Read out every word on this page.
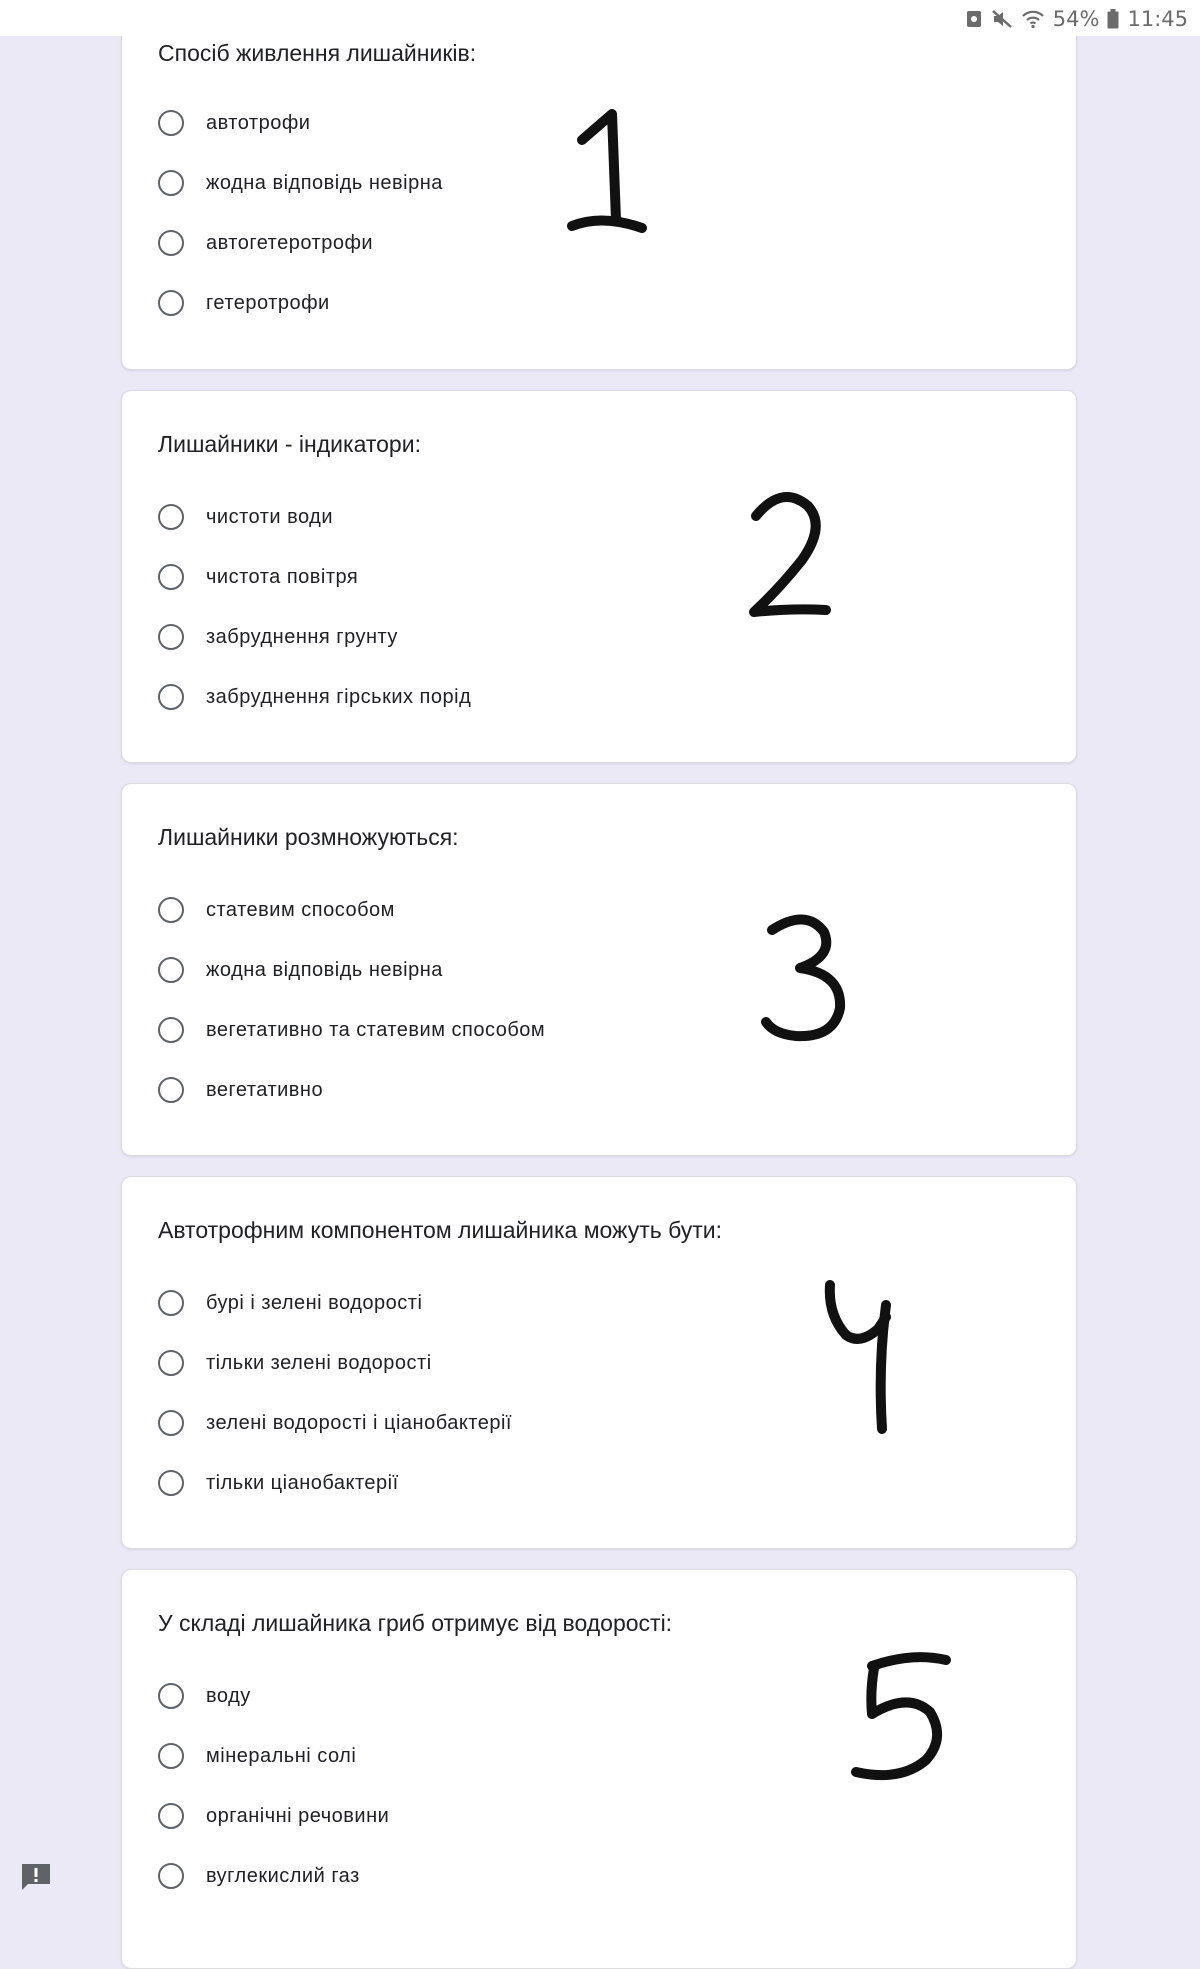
54% 11:45
Спосіб живлення лишайників:
автотрофи
жодна відповідь невірна
автогетеротрофи
гетеротрофи
Лишайники - індикатори:
чистоти води
чистота повітря
забруднення грунту
забруднення гірських порід
Лишайники розмножуються:
статевим способом
жодна відповідь невірна
вегетативно та статевим способом
вегетативно
Автотрофним компонентом лишайника можуть бути:
бурі і зелені водорості
тільки зелені водорості
зелені водорості і ціанобактерії
тільки ціанобактерії
У складі лишайника гриб отримує від водорості:
воду
мінеральні солі
органічні речовини
вуглекислий газ
